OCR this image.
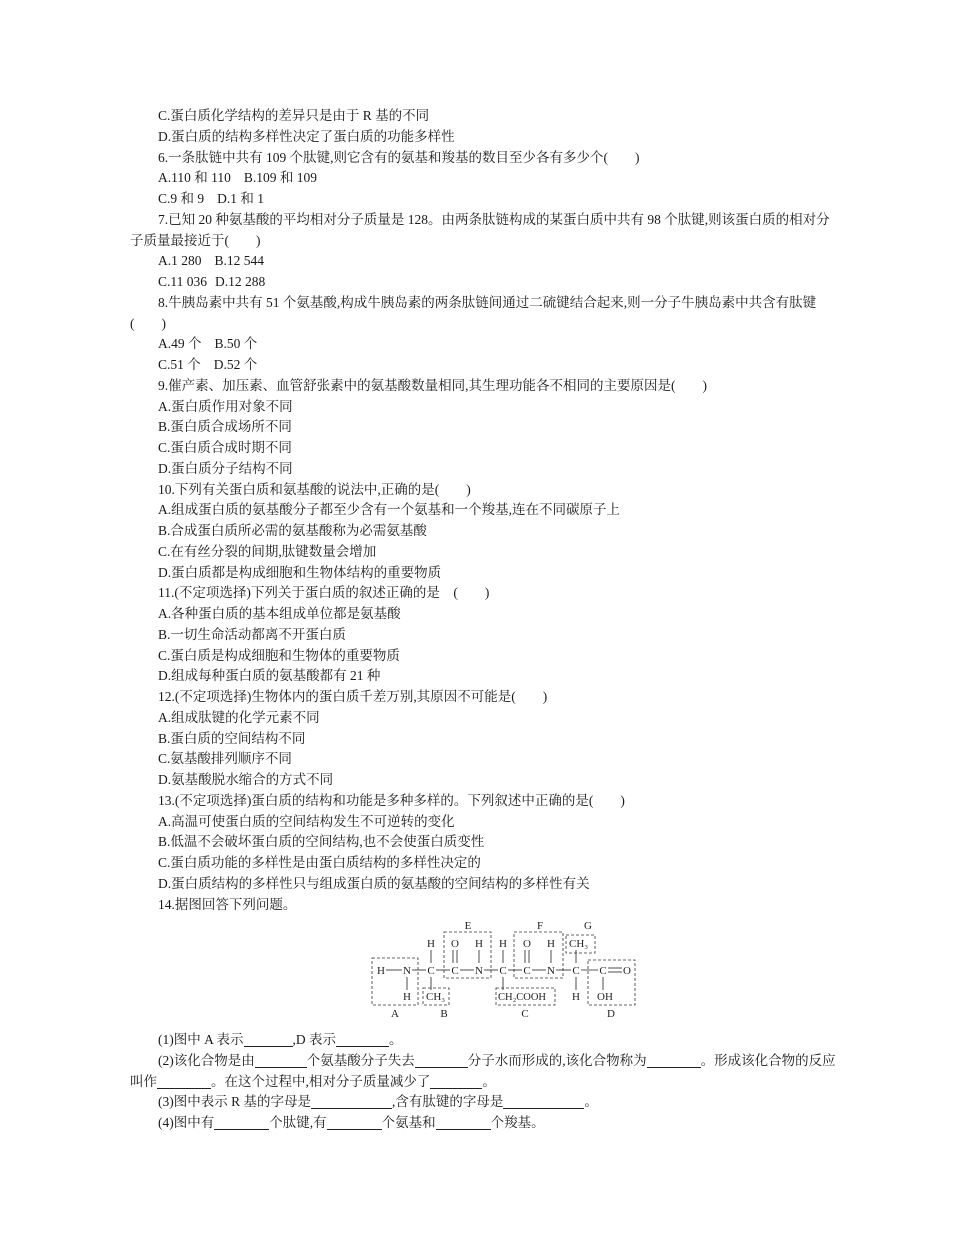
C.蛋白质化学结构的差异只是由于 R 基的不同
D.蛋白质的结构多样性决定了蛋白质的功能多样性
6.一条肽链中共有 109 个肽键,则它含有的氨基和羧基的数目至少各有多少个(　　)
A.110 和 110 B.109 和 109
C.9 和 9 D.1 和 1
7.已知 20 种氨基酸的平均相对分子质量是 128。由两条肽链构成的某蛋白质中共有 98 个肽键,则该蛋白质的相对分
子质量最接近于(　　)
A.1 280 B.12 544
C.11 036 D.12 288
8.牛胰岛素中共有 51 个氨基酸,构成牛胰岛素的两条肽链间通过二硫键结合起来,则一分子牛胰岛素中共含有肽键
(　　)
A.49 个 B.50 个
C.51 个 D.52 个
9.催产素、加压素、血管舒张素中的氨基酸数量相同,其生理功能各不相同的主要原因是(　　)
A.蛋白质作用对象不同
B.蛋白质合成场所不同
C.蛋白质合成时期不同
D.蛋白质分子结构不同
10.下列有关蛋白质和氨基酸的说法中,正确的是(　　)
A.组成蛋白质的氨基酸分子都至少含有一个氨基和一个羧基,连在不同碳原子上
B.合成蛋白质所必需的氨基酸称为必需氨基酸
C.在有丝分裂的间期,肽键数量会增加
D.蛋白质都是构成细胞和生物体结构的重要物质
11.(不定项选择)下列关于蛋白质的叙述正确的是　(　　)
A.各种蛋白质的基本组成单位都是氨基酸
B.一切生命活动都离不开蛋白质
C.蛋白质是构成细胞和生物体的重要物质
D.组成每种蛋白质的氨基酸都有 21 种
12.(不定项选择)生物体内的蛋白质千差万别,其原因不可能是(　　)
A.组成肽键的化学元素不同
B.蛋白质的空间结构不同
C.氨基酸排列顺序不同
D.氨基酸脱水缩合的方式不同
13.(不定项选择)蛋白质的结构和功能是多种多样的。下列叙述中正确的是(　　)
A.高温可使蛋白质的空间结构发生不可逆转的变化
B.低温不会破坏蛋白质的空间结构,也不会使蛋白质变性
C.蛋白质功能的多样性是由蛋白质结构的多样性决定的
D.蛋白质结构的多样性只与组成蛋白质的氨基酸的空间结构的多样性有关
14.据图回答下列问题。
E	F	G
H O H H O H CH₃
H N C C N C C N C C O
H CH₃	CH₂COOH H OH
A	B	C	D
(1)图中 A 表示	,D 表示	。
(2)该化合物是由	个氨基酸分子失去	分子水而形成的,该化合物称为	。形成该化合物的反应
叫作	。在这个过程中,相对分子质量减少了	。
(3)图中表示 R 基的字母是	,含有肽键的字母是	。
(4)图中有	个肽键,有	个氨基和	个羧基。
